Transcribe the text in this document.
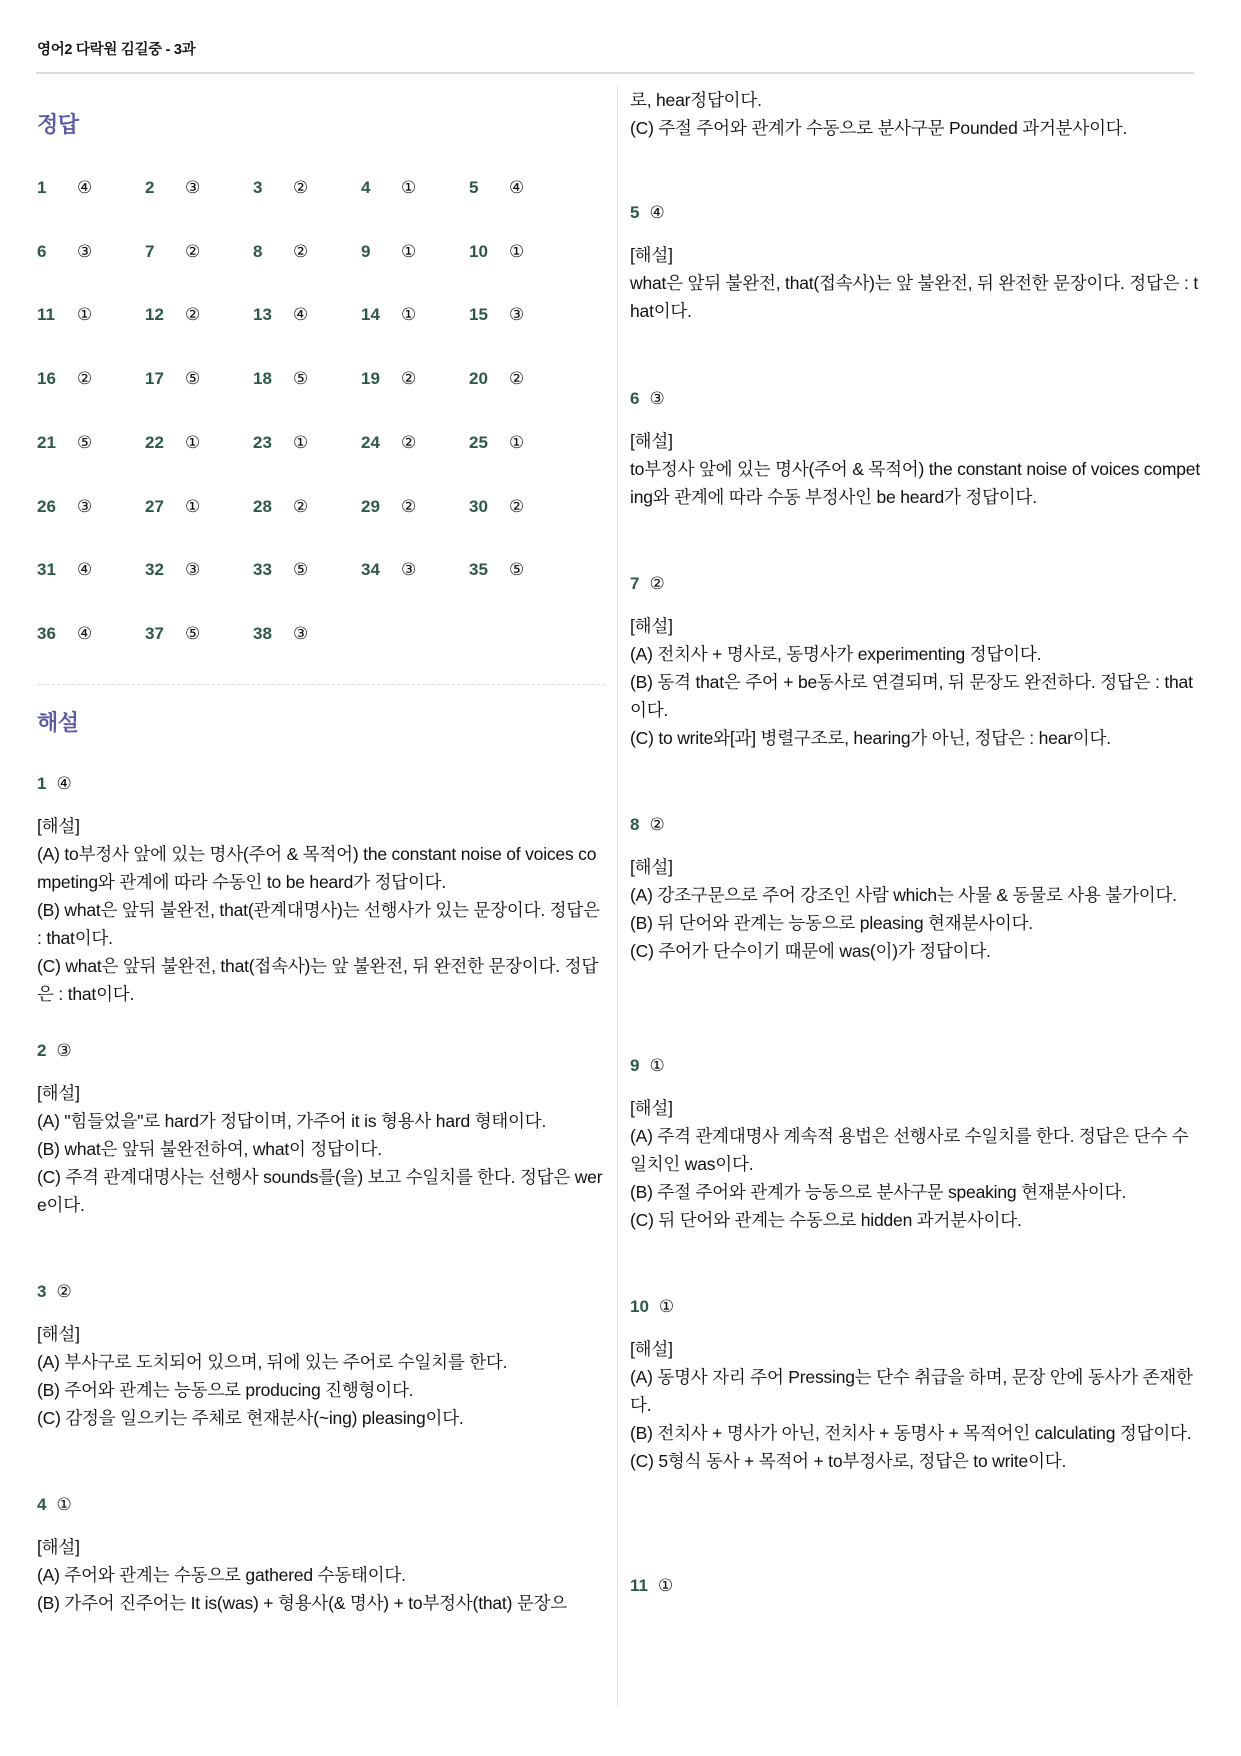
영어2 다락원 김길중 - 3과
정답
1	④	2	③	3	②	4	①	5	④
6	③	7	②	8	②	9	①	10	①
11	①	12	②	13	④	14	①	15	③
16	②	17	⑤	18	⑤	19	②	20	②
21	⑤	22	①	23	①	24	②	25	①
26	③	27	①	28	②	29	②	30	②
31	④	32	③	33	⑤	34	③	35	⑤
36	④	37	⑤	38	③
해설
1 ④
[해설]
(A) to부정사 앞에 있는 명사(주어 & 목적어) the constant noise of voices competing와 관계에 따라 수동인 to be heard가 정답이다.
(B) what은 앞뒤 불완전, that(관계대명사)는 선행사가 있는 문장이다. 정답은 : that이다.
(C) what은 앞뒤 불완전, that(접속사)는 앞 불완전, 뒤 완전한 문장이다. 정답은 : that이다.
2 ③
[해설]
(A) "힘들었을"로 hard가 정답이며, 가주어 it is 형용사 hard 형태이다.
(B) what은 앞뒤 불완전하여, what이 정답이다.
(C) 주격 관계대명사는 선행사 sounds를(을) 보고 수일치를 한다. 정답은 were이다.
3 ②
[해설]
(A) 부사구로 도치되어 있으며, 뒤에 있는 주어로 수일치를 한다.
(B) 주어와 관계는 능동으로 producing 진행형이다.
(C) 감정을 일으키는 주체로 현재분사(~ing) pleasing이다.
4 ①
[해설]
(A) 주어와 관계는 수동으로 gathered 수동태이다.
(B) 가주어 진주어는 It is(was) + 형용사(& 명사) + to부정사(that) 문장으
로, hear정답이다.
(C) 주절 주어와 관계가 수동으로 분사구문 Pounded 과거분사이다.
5 ④
[해설]
what은 앞뒤 불완전, that(접속사)는 앞 불완전, 뒤 완전한 문장이다. 정답은 : that이다.
6 ③
[해설]
to부정사 앞에 있는 명사(주어 & 목적어) the constant noise of voices competing와 관계에 따라 수동 부정사인 be heard가 정답이다.
7 ②
[해설]
(A) 전치사 + 명사로, 동명사가 experimenting 정답이다.
(B) 동격 that은 주어 + be동사로 연결되며, 뒤 문장도 완전하다. 정답은 : that이다.
(C) to write와[과] 병렬구조로, hearing가 아닌, 정답은 : hear이다.
8 ②
[해설]
(A) 강조구문으로 주어 강조인 사람 which는 사물 & 동물로 사용 불가이다.
(B) 뒤 단어와 관계는 능동으로 pleasing 현재분사이다.
(C) 주어가 단수이기 때문에 was(이)가 정답이다.
9 ①
[해설]
(A) 주격 관계대명사 계속적 용법은 선행사로 수일치를 한다. 정답은 단수 수일치인 was이다.
(B) 주절 주어와 관계가 능동으로 분사구문 speaking 현재분사이다.
(C) 뒤 단어와 관계는 수동으로 hidden 과거분사이다.
10 ①
[해설]
(A) 동명사 자리 주어 Pressing는 단수 취급을 하며, 문장 안에 동사가 존재한다.
(B) 전치사 + 명사가 아닌, 전치사 + 동명사 + 목적어인 calculating 정답이다.
(C) 5형식 동사 + 목적어 + to부정사로, 정답은 to write이다.
11 ①
